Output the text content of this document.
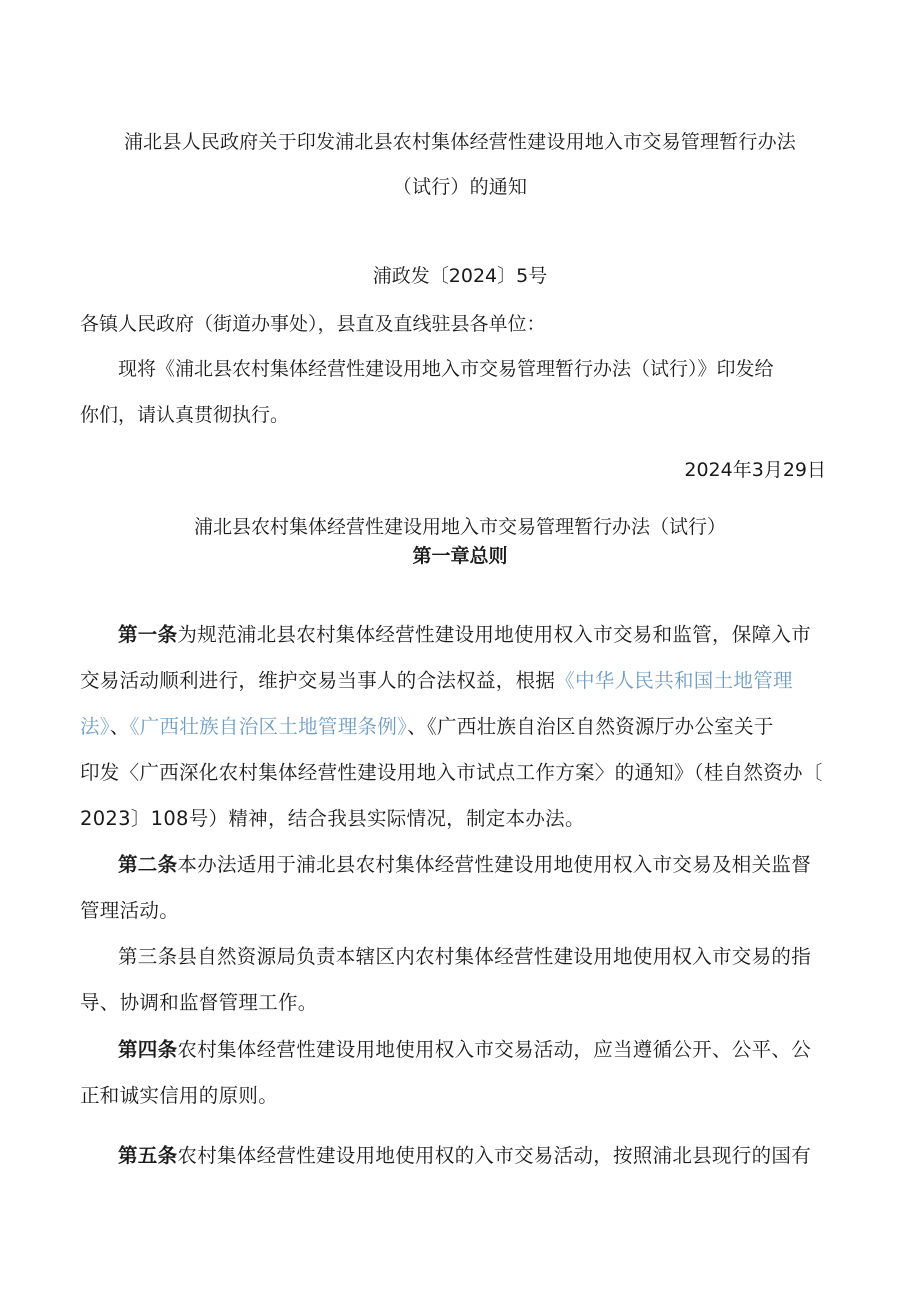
浦北县人民政府关于印发浦北县农村集体经营性建设用地入市交易管理暂行办法
（试行）的通知
浦政发〔2024〕5号
各镇人民政府（街道办事处），县直及直线驻县各单位：
现将《浦北县农村集体经营性建设用地入市交易管理暂行办法（试行）》印发给
你们，请认真贯彻执行。
2024年3月29日
浦北县农村集体经营性建设用地入市交易管理暂行办法（试行）
第一章总则
第一条为规范浦北县农村集体经营性建设用地使用权入市交易和监管，保障入市
交易活动顺利进行，维护交易当事人的合法权益，根据《中华人民共和国土地管理
法》、《广西壮族自治区土地管理条例》、《广西壮族自治区自然资源厅办公室关于
印发〈广西深化农村集体经营性建设用地入市试点工作方案〉的通知》（桂自然资办〔
2023〕108号）精神，结合我县实际情况，制定本办法。
第二条本办法适用于浦北县农村集体经营性建设用地使用权入市交易及相关监督
管理活动。
第三条县自然资源局负责本辖区内农村集体经营性建设用地使用权入市交易的指
导、协调和监督管理工作。
第四条农村集体经营性建设用地使用权入市交易活动，应当遵循公开、公平、公
正和诚实信用的原则。
第五条农村集体经营性建设用地使用权的入市交易活动，按照浦北县现行的国有
